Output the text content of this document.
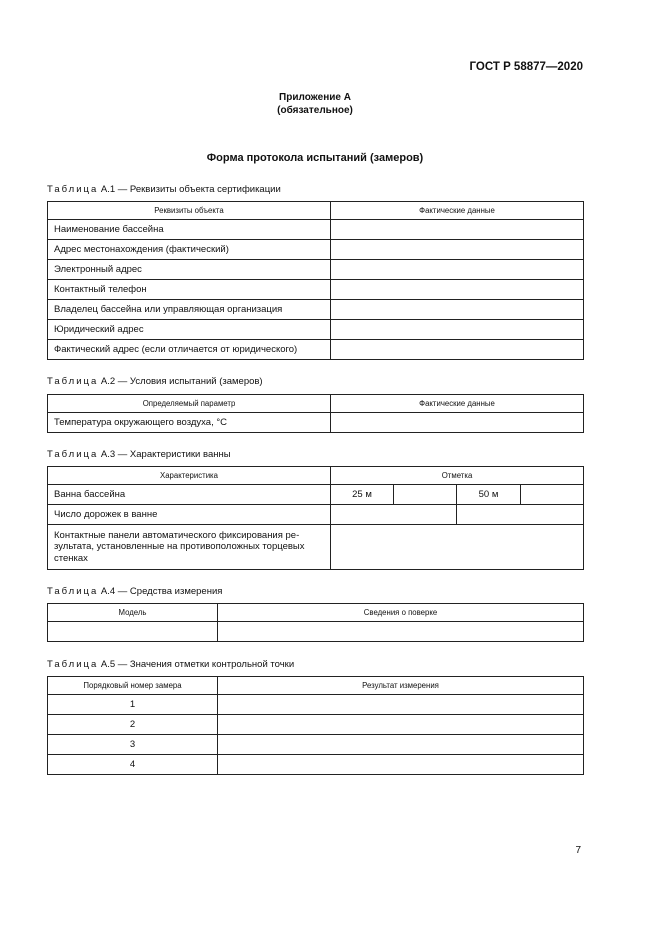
ГОСТ Р 58877—2020
Приложение А
(обязательное)
Форма протокола испытаний (замеров)
Таблица А.1 — Реквизиты объекта сертификации
Реквизиты объекта	Фактические данные
Наименование бассейна	
Адрес местонахождения (фактический)	
Электронный адрес	
Контактный телефон	
Владелец бассейна или управляющая организация	
Юридический адрес	
Фактический адрес (если отличается от юридического)	
Таблица А.2 — Условия испытаний (замеров)
Определяемый параметр	Фактические данные
Температура окружающего воздуха, °С	
Таблица А.3 — Характеристики ванны
Характеристика	Отметка			
Ванна бассейна	25 м		50 м	
Число дорожек в ванне				
Контактные панели автоматического фиксирования ре-зультата, установленные на противоположных торцевых стенках				
Таблица А.4 — Средства измерения
Модель	Сведения о поверке

Таблица А.5 — Значения отметки контрольной точки
Порядковый номер замера	Результат измерения
1	
2	
3	
4	
7
